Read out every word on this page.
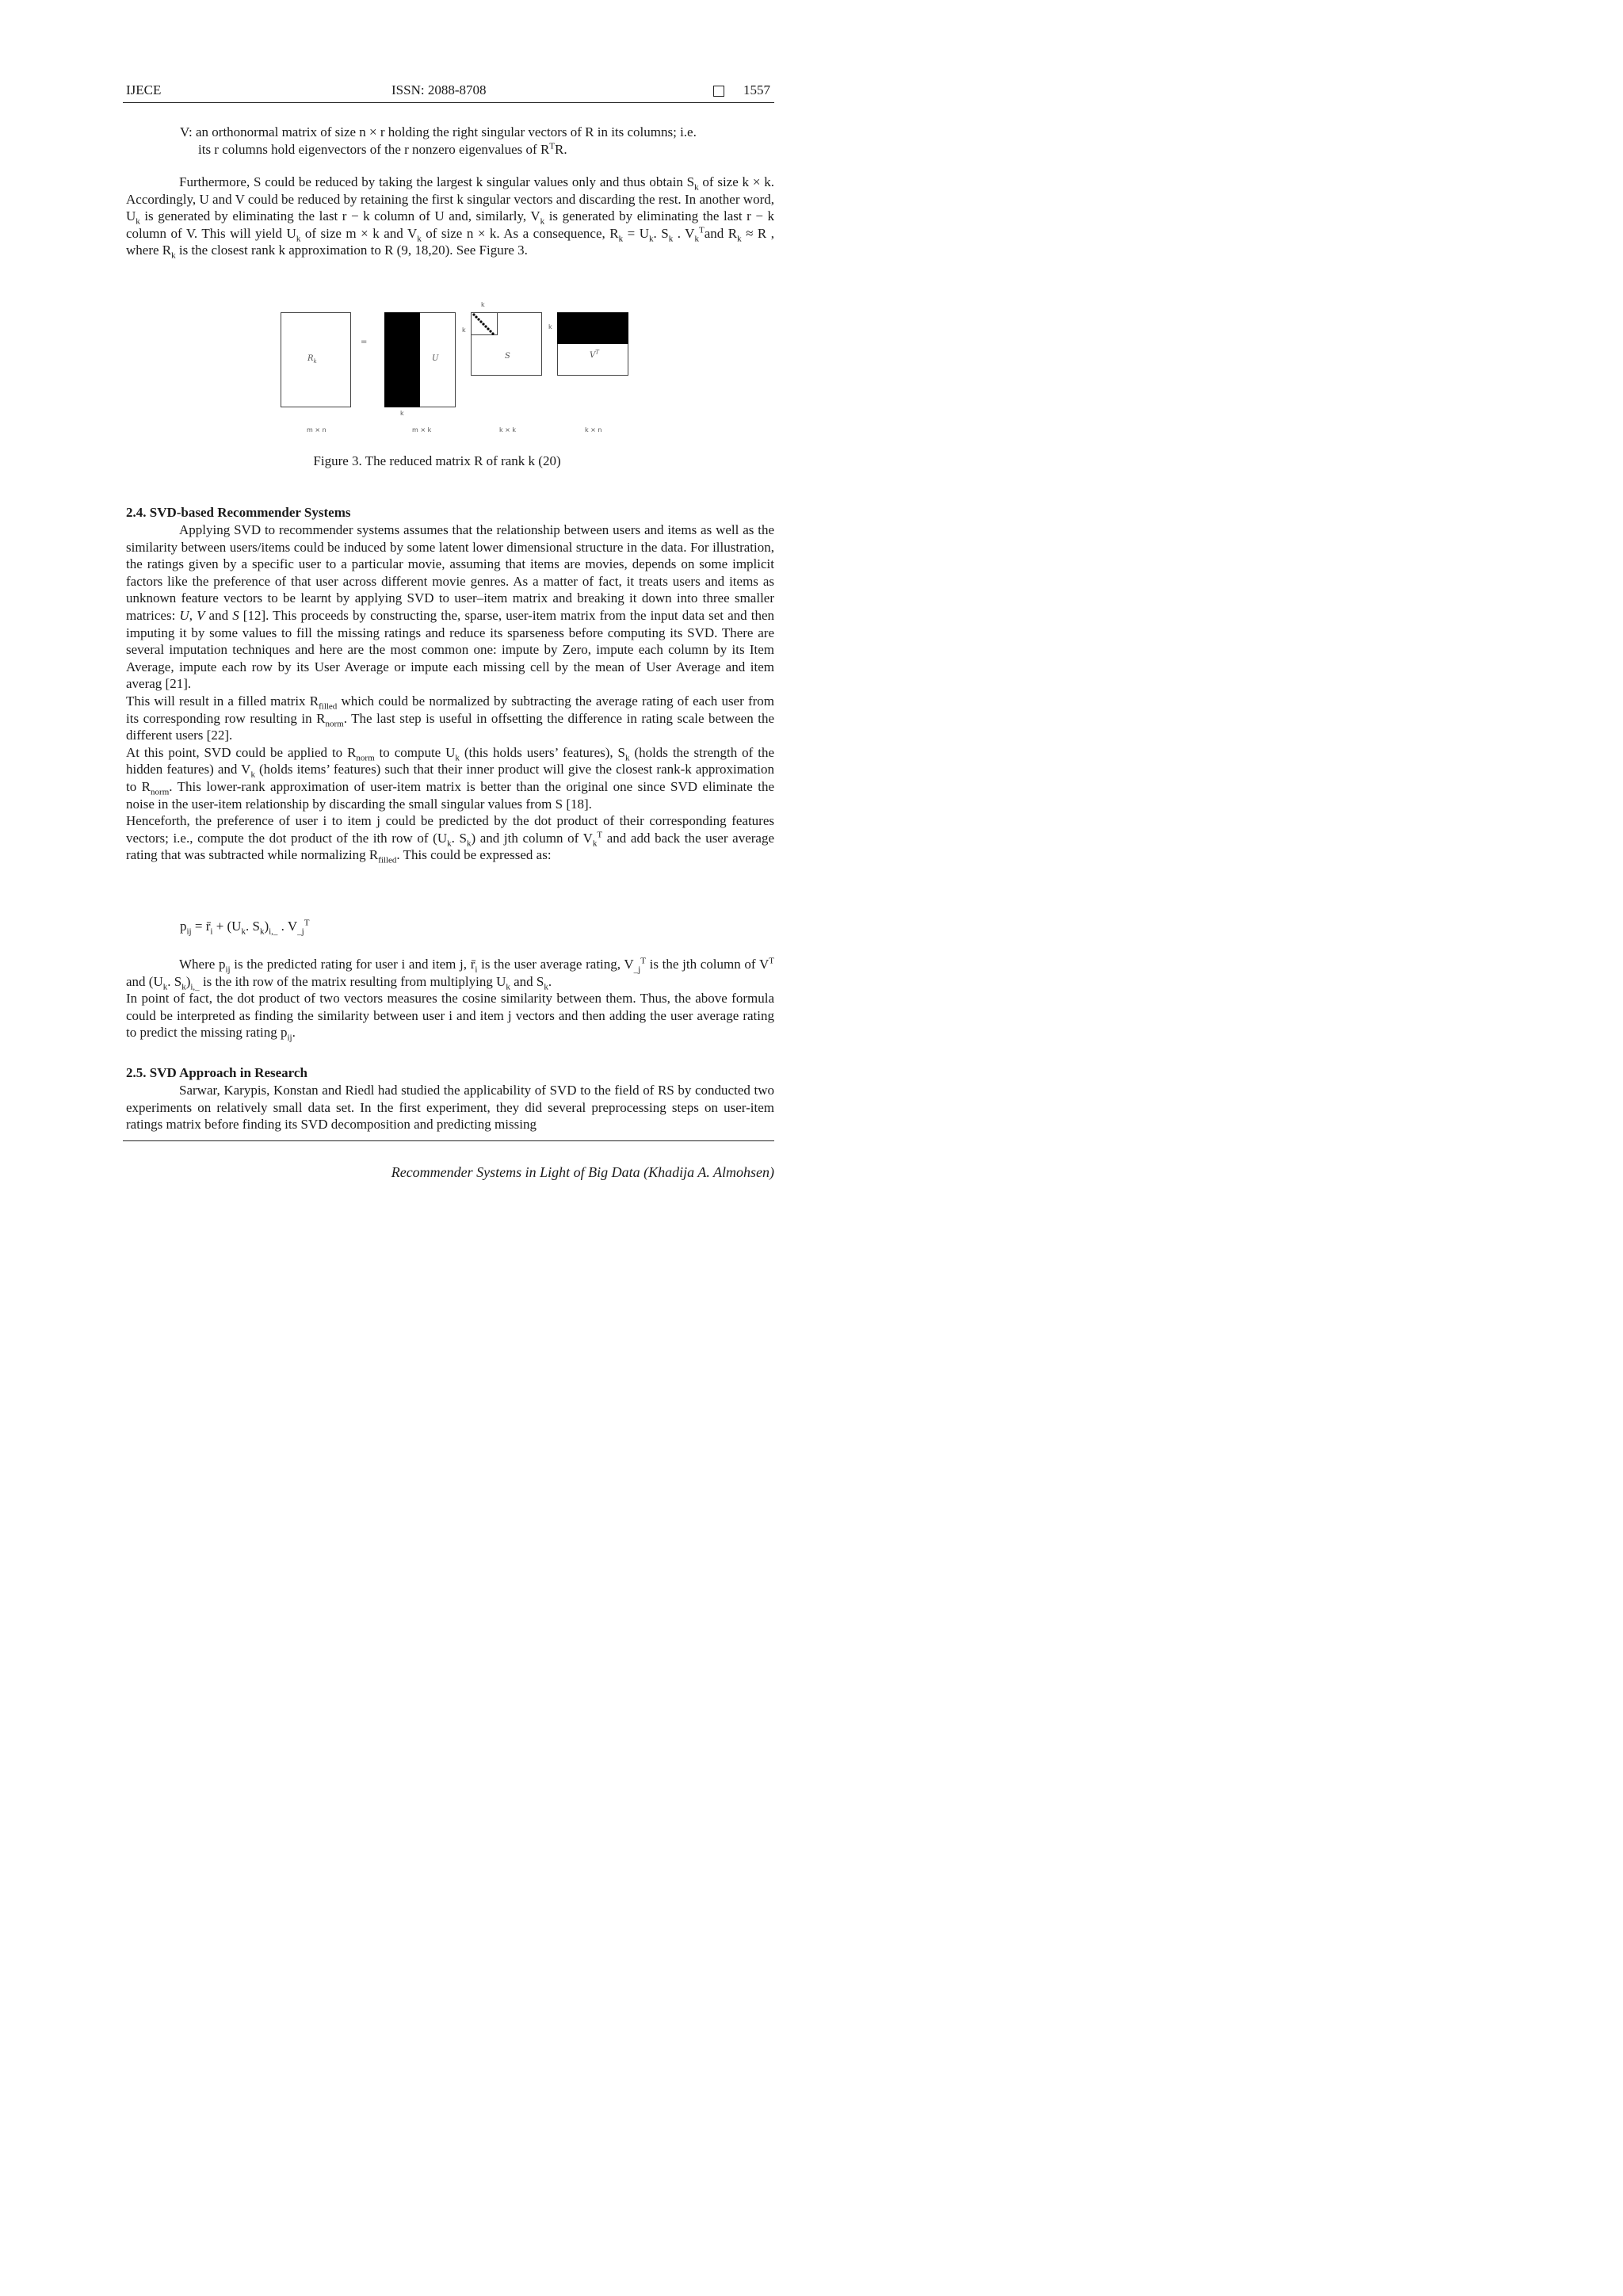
IJECE	ISSN: 2088-8708	1557
V: an orthonormal matrix of size n × r holding the right singular vectors of R in its columns; i.e.
its r columns hold eigenvectors of the r nonzero eigenvalues of $R^TR$.

Furthermore, S could be reduced by taking the largest k singular values only and thus obtain $S_k$ of size k × k. Accordingly, U and V could be reduced by retaining the first k singular vectors and discarding the rest. In another word, $U_k$ is generated by eliminating the last r − k column of U and, similarly, $V_k$ is generated by eliminating the last r − k column of V. This will yield $U_k$ of size m × k and $V_k$ of size n × k. As a consequence, $R_k = U_k$. $S_k$ . $V_k^Tand$ $R_k \approx R$ , where $R_k$ is the closest rank k approximation to R (9, 18,20). See Figure 3.

$R_k$
=
U
k
k
k
S
k
$V^T$
m × n	m × k	k × k	k × n
Figure 3. The reduced matrix R of rank k (20)
2.4. SVD-based Recommender Systems

Applying SVD to recommender systems assumes that the relationship between users and items as well as the similarity between users/items could be induced by some latent lower dimensional structure in the data. For illustration, the ratings given by a specific user to a particular movie, assuming that items are movies, depends on some implicit factors like the preference of that user across different movie genres. As a matter of fact, it treats users and items as unknown feature vectors to be learnt by applying SVD to user–item matrix and breaking it down into three smaller matrices: U, V and S [12]. This proceeds by constructing the, sparse, user-item matrix from the input data set and then imputing it by some values to fill the missing ratings and reduce its sparseness before computing its SVD. There are several imputation techniques and here are the most common one: impute by Zero, impute each column by its Item Average, impute each row by its User Average or impute each missing cell by the mean of User Average and item averag [21].

This will result in a filled matrix $R_{filled}$ which could be normalized by subtracting the average rating of each user from its corresponding row resulting in $R_{norm}$. The last step is useful in offsetting the difference in rating scale between the different users [22].

At this point, SVD could be applied to $R_{norm}$ to compute $U_k$ (this holds users’ features), $S_k$ (holds the strength of the hidden features) and $V_k$ (holds items’ features) such that their inner product will give the closest rank-k approximation to $R_{norm}$. This lower-rank approximation of user-item matrix is better than the original one since SVD eliminate the noise in the user-item relationship by discarding the small singular values from S [18].

Henceforth, the preference of user i to item j could be predicted by the dot product of their corresponding features vectors; i.e., compute the dot product of the ith row of ($U_k$. $S_k$) and jth column of $V_k^T$ and add back the user average rating that was subtracted while normalizing $R_{filled}$. This could be expressed as:

$p_{ij}$ = $r̄_i + (U_k$. $S_k)_{i,\_}$ . $V_{\_j}^T$

Where $p_{ij}$ is the predicted rating for user i and item j, $r̄_i$ is the user average rating, $V_{\_j}^T$ is the jth column of $V^T$ and ($U_k$. $S_k)_{i,\_}$ is the ith row of the matrix resulting from multiplying $U_k$ and $S_k$.

In point of fact, the dot product of two vectors measures the cosine similarity between them. Thus, the above formula could be interpreted as finding the similarity between user i and item j vectors and then adding the user average rating to predict the missing rating $p_{ij}$.

2.5. SVD Approach in Research

Sarwar, Karypis, Konstan and Riedl had studied the applicability of SVD to the field of RS by conducted two experiments on relatively small data set. In the first experiment, they did several preprocessing steps on user-item ratings matrix before finding its SVD decomposition and predicting missing

Recommender Systems in Light of Big Data (Khadija A. Almohsen)
